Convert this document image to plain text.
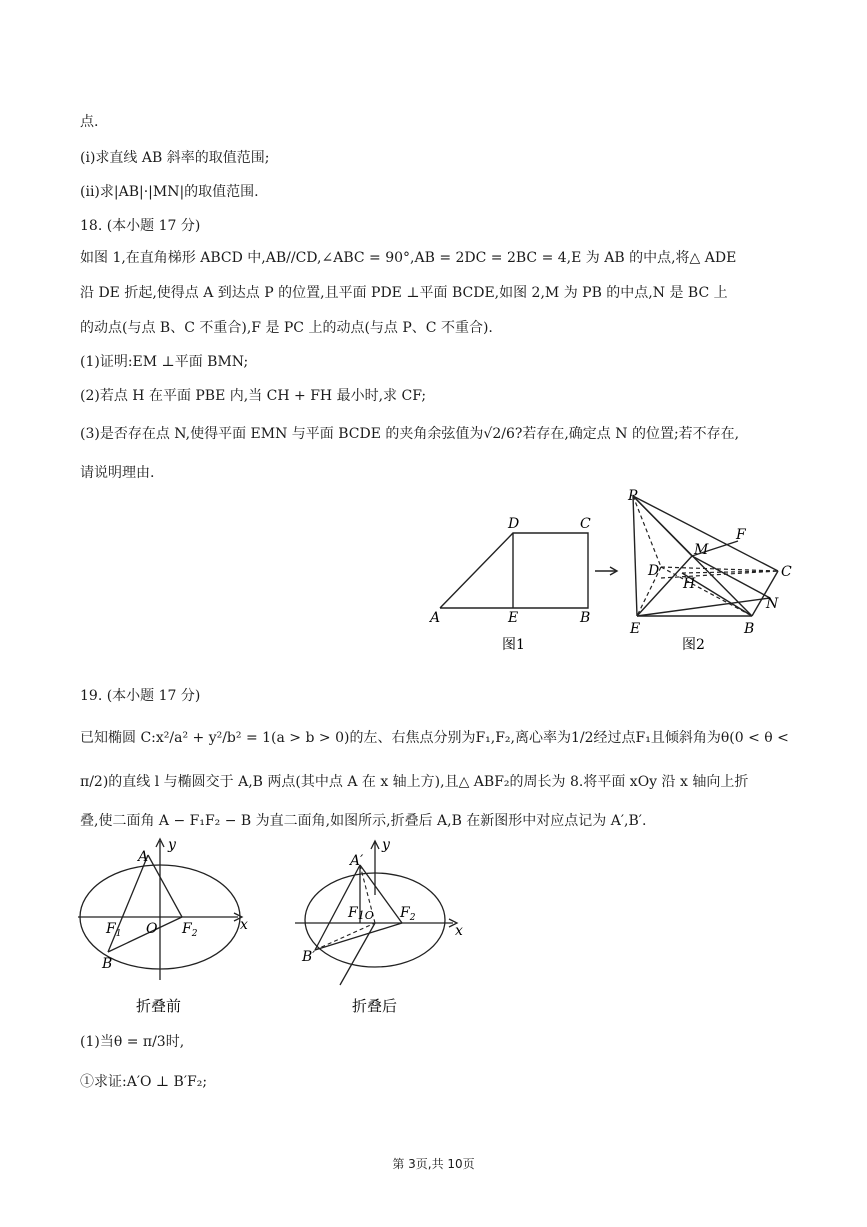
点.
(i)求直线 AB 斜率的取值范围;
(ii)求|AB|·|MN|的取值范围.
18. (本小题 17 分)
如图 1,在直角梯形 ABCD 中,AB//CD,∠ABC = 90°,AB = 2DC = 2BC = 4,E 为 AB 的中点,将△ ADE
沿 DE 折起,使得点 A 到达点 P 的位置,且平面 PDE ⊥平面 BCDE,如图 2,M 为 PB 的中点,N 是 BC 上
的动点(与点 B、C 不重合),F 是 PC 上的动点(与点 P、C 不重合).
(1)证明:EM ⊥平面 BMN;
(2)若点 H 在平面 PBE 内,当 CH + FH 最小时,求 CF;
(3)是否存在点 N,使得平面 EMN 与平面 BCDE 的夹角余弦值为√2/6?若存在,确定点 N 的位置;若不存在,
请说明理由.
A
D	C
E	B
P
M
F
D
H
C
N
E	B
图1	图2
19. (本小题 17 分)
已知椭圆 C:x²/a² + y²/b² = 1(a > b > 0)的左、右焦点分别为F₁,F₂,离心率为1/2经过点F₁且倾斜角为θ(0 < θ <
π/2)的直线 l 与椭圆交于 A,B 两点(其中点 A 在 x 轴上方),且△ ABF₂的周长为 8.将平面 xOy 沿 x 轴向上折
叠,使二面角 A − F₁F₂ − B 为直二面角,如图所示,折叠后 A,B 在新图形中对应点记为 A′,B′.
A
y
$F_1$ O $F_2$
x
B
A′
y
F1O $F_2$
x
B′
折叠前	折叠后
(1)当θ = π/3时,
①求证:A′O ⊥ B′F₂;
第 3页,共 10页
